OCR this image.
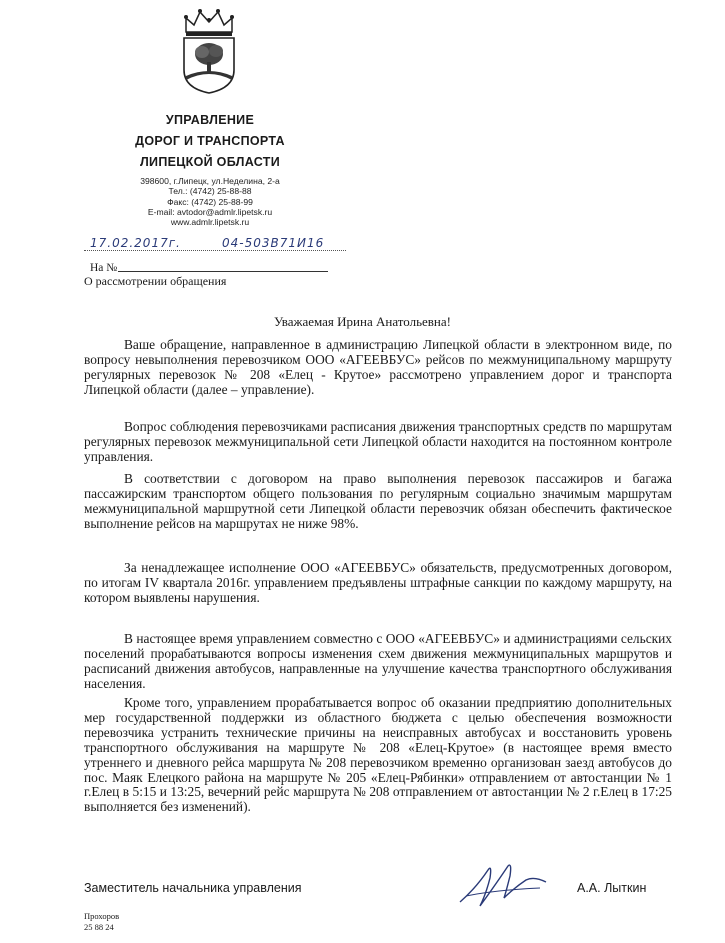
УПРАВЛЕНИЕ
ДОРОГ И ТРАНСПОРТА
ЛИПЕЦКОЙ ОБЛАСТИ
398600, г.Липецк, ул.Неделина, 2-а
Тел.: (4742) 25-88-88
Факс: (4742) 25-88-99
E-mail: avtodor@admlr.lipetsk.ru
www.admlr.lipetsk.ru
17.02.2017г.	04-503В71И16
На №
О рассмотрении обращения
Уважаемая Ирина Анатольевна!

Ваше обращение, направленное в администрацию Липецкой области в электронном виде, по вопросу невыполнения перевозчиком ООО «АГЕЕВБУС» рейсов по межмуниципальному маршруту регулярных перевозок № 208 «Елец - Крутое» рассмотрено управлением дорог и транспорта Липецкой области (далее – управление).

Вопрос соблюдения перевозчиками расписания движения транспортных средств по маршрутам регулярных перевозок межмуниципальной сети Липецкой области находится на постоянном контроле управления.

В соответствии с договором на право выполнения перевозок пассажиров и багажа пассажирским транспортом общего пользования по регулярным социально значимым маршрутам межмуниципальной маршрутной сети Липецкой области перевозчик обязан обеспечить фактическое выполнение рейсов на маршрутах не ниже 98%.

За ненадлежащее исполнение ООО «АГЕЕВБУС» обязательств, предусмотренных договором, по итогам IV квартала 2016г. управлением предъявлены штрафные санкции по каждому маршруту, на котором выявлены нарушения.

В настоящее время управлением совместно с ООО «АГЕЕВБУС» и администрациями сельских поселений прорабатываются вопросы изменения схем движения межмуниципальных маршрутов и расписаний движения автобусов, направленные на улучшение качества транспортного обслуживания населения.

Кроме того, управлением прорабатывается вопрос об оказании предприятию дополнительных мер государственной поддержки из областного бюджета с целью обеспечения возможности перевозчика устранить технические причины на неисправных автобусах и восстановить уровень транспортного обслуживания на маршруте № 208 «Елец-Крутое» (в настоящее время вместо утреннего и дневного рейса маршрута № 208 перевозчиком временно организован заезд автобусов до пос. Маяк Елецкого района на маршруте № 205 «Елец-Рябинки» отправлением от автостанции № 1 г.Елец в 5:15 и 13:25, вечерний рейс маршрута № 208 отправлением от автостанции № 2 г.Елец в 17:25 выполняется без изменений).

Заместитель начальника управления	А.А. Лыткин
Прохоров
25 88 24
